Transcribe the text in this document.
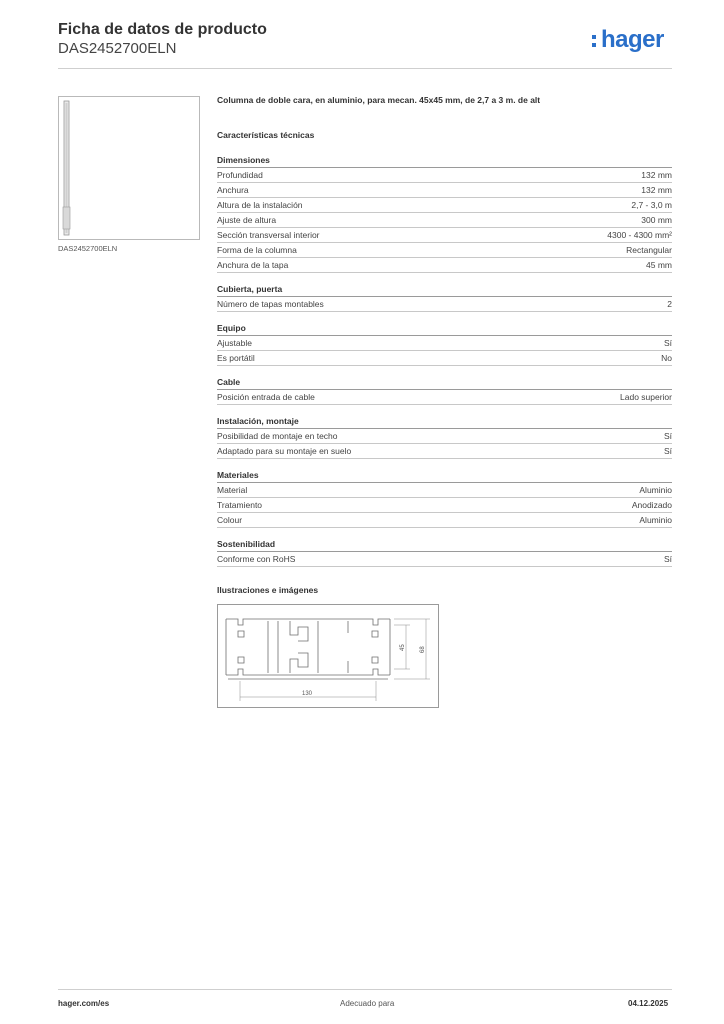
Ficha de datos de producto
DAS2452700ELN	hager
DAS2452700ELN
Columna de doble cara, en aluminio, para mecan. 45x45 mm, de 2,7 a 3 m. de alt
Características técnicas
Dimensiones
Profundidad	132 mm
Anchura	132 mm
Altura de la instalación	2,7 - 3,0 m
Ajuste de altura	300 mm
Sección transversal interior	4300 - 4300 mm²
Forma de la columna	Rectangular
Anchura de la tapa	45 mm
Cubierta, puerta
Número de tapas montables	2
Equipo
Ajustable	Sí
Es portátil	No
Cable
Posición entrada de cable	Lado superior
Instalación, montaje
Posibilidad de montaje en techo	Sí
Adaptado para su montaje en suelo	Sí
Materiales
Material	Aluminio
Tratamiento	Anodizado
Colour	Aluminio
Sostenibilidad
Conforme con RoHS	Sí
Ilustraciones e imágenes
130
45 68
hager.com/es	Adecuado para	04.12.2025
